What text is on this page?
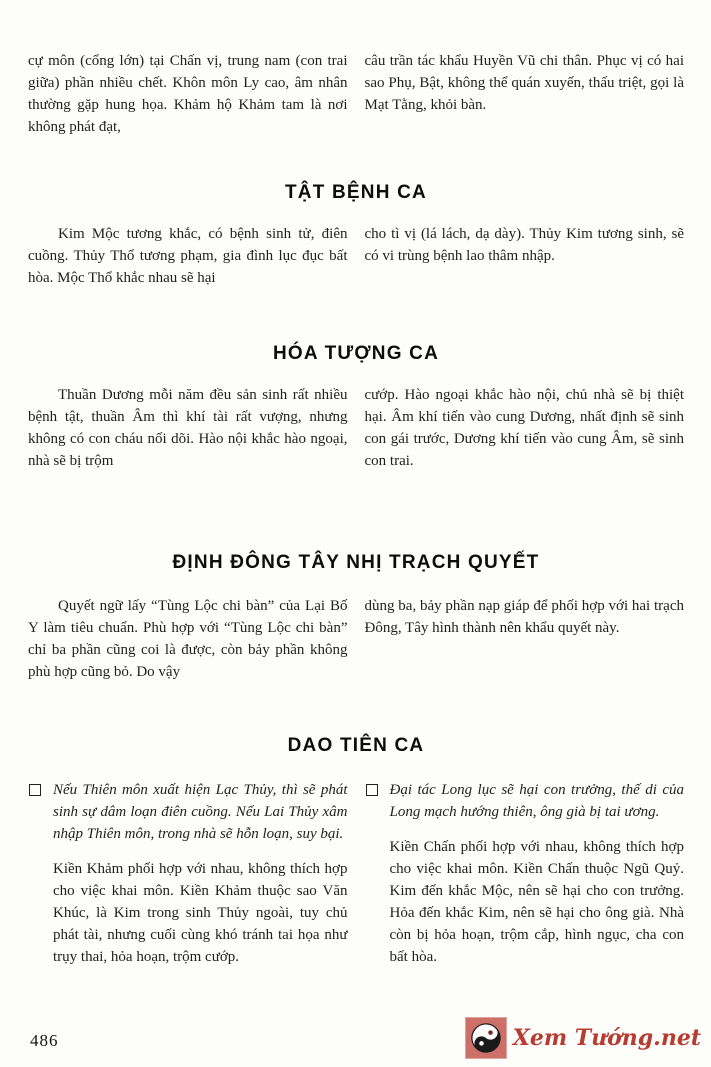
cự môn (cổng lớn) tại Chấn vị, trung nam (con trai giữa) phần nhiều chết. Khôn môn Ly cao, âm nhân thường gặp hung họa. Khảm hộ Khảm tam là nơi không phát đạt,

câu trần tác khẩu Huyền Vũ chi thân. Phục vị có hai sao Phụ, Bật, không thể quán xuyến, thấu triệt, gọi là Mạt Tằng, khỏi bàn.

TẬT BỆNH CA

Kim Mộc tương khắc, có bệnh sinh tử, điên cuồng. Thủy Thổ tương phạm, gia đình lục đục bất hòa. Mộc Thổ khắc nhau sẽ hại

cho tì vị (lá lách, dạ dày). Thủy Kim tương sinh, sẽ có vi trùng bệnh lao thâm nhập.

HÓA TƯỢNG CA

Thuần Dương mỗi năm đều sản sinh rất nhiều bệnh tật, thuần Âm thì khí tài rất vượng, nhưng không có con cháu nối dõi. Hào nội khắc hào ngoại, nhà sẽ bị trộm

cướp. Hào ngoại khắc hào nội, chủ nhà sẽ bị thiệt hại. Âm khí tiến vào cung Dương, nhất định sẽ sinh con gái trước, Dương khí tiến vào cung Âm, sẽ sinh con trai.

ĐỊNH ĐÔNG TÂY NHỊ TRẠCH QUYẾT

Quyết ngữ lấy “Tùng Lộc chi bàn” của Lại Bố Y làm tiêu chuẩn. Phù hợp với “Tùng Lộc chi bàn” chỉ ba phần cũng coi là được, còn bảy phần không phù hợp cũng bỏ. Do vậy

dùng ba, bảy phần nạp giáp để phối hợp với hai trạch Đông, Tây hình thành nên khẩu quyết này.

DAO TIÊN CA

Nếu Thiên môn xuất hiện Lạc Thủy, thì sẽ phát sinh sự dâm loạn điên cuồng. Nếu Lai Thủy xâm nhập Thiên môn, trong nhà sẽ hỗn loạn, suy bại.

Kiền Khảm phối hợp với nhau, không thích hợp cho việc khai môn. Kiền Khảm thuộc sao Văn Khúc, là Kim trong sinh Thủy ngoài, tuy chủ phát tài, nhưng cuối cùng khó tránh tai họa như trụy thai, hỏa hoạn, trộm cướp.

Đại tác Long lục sẽ hại con trưởng, thế di của Long mạch hướng thiên, ông già bị tai ương.

Kiền Chấn phối hợp với nhau, không thích hợp cho việc khai môn. Kiền Chấn thuộc Ngũ Quỷ. Kim đến khắc Mộc, nên sẽ hại cho con trưởng. Hỏa đến khắc Kim, nên sẽ hại cho ông già. Nhà còn bị hỏa hoạn, trộm cắp, hình ngục, cha con bất hòa.

486	Xem Tướng.net
